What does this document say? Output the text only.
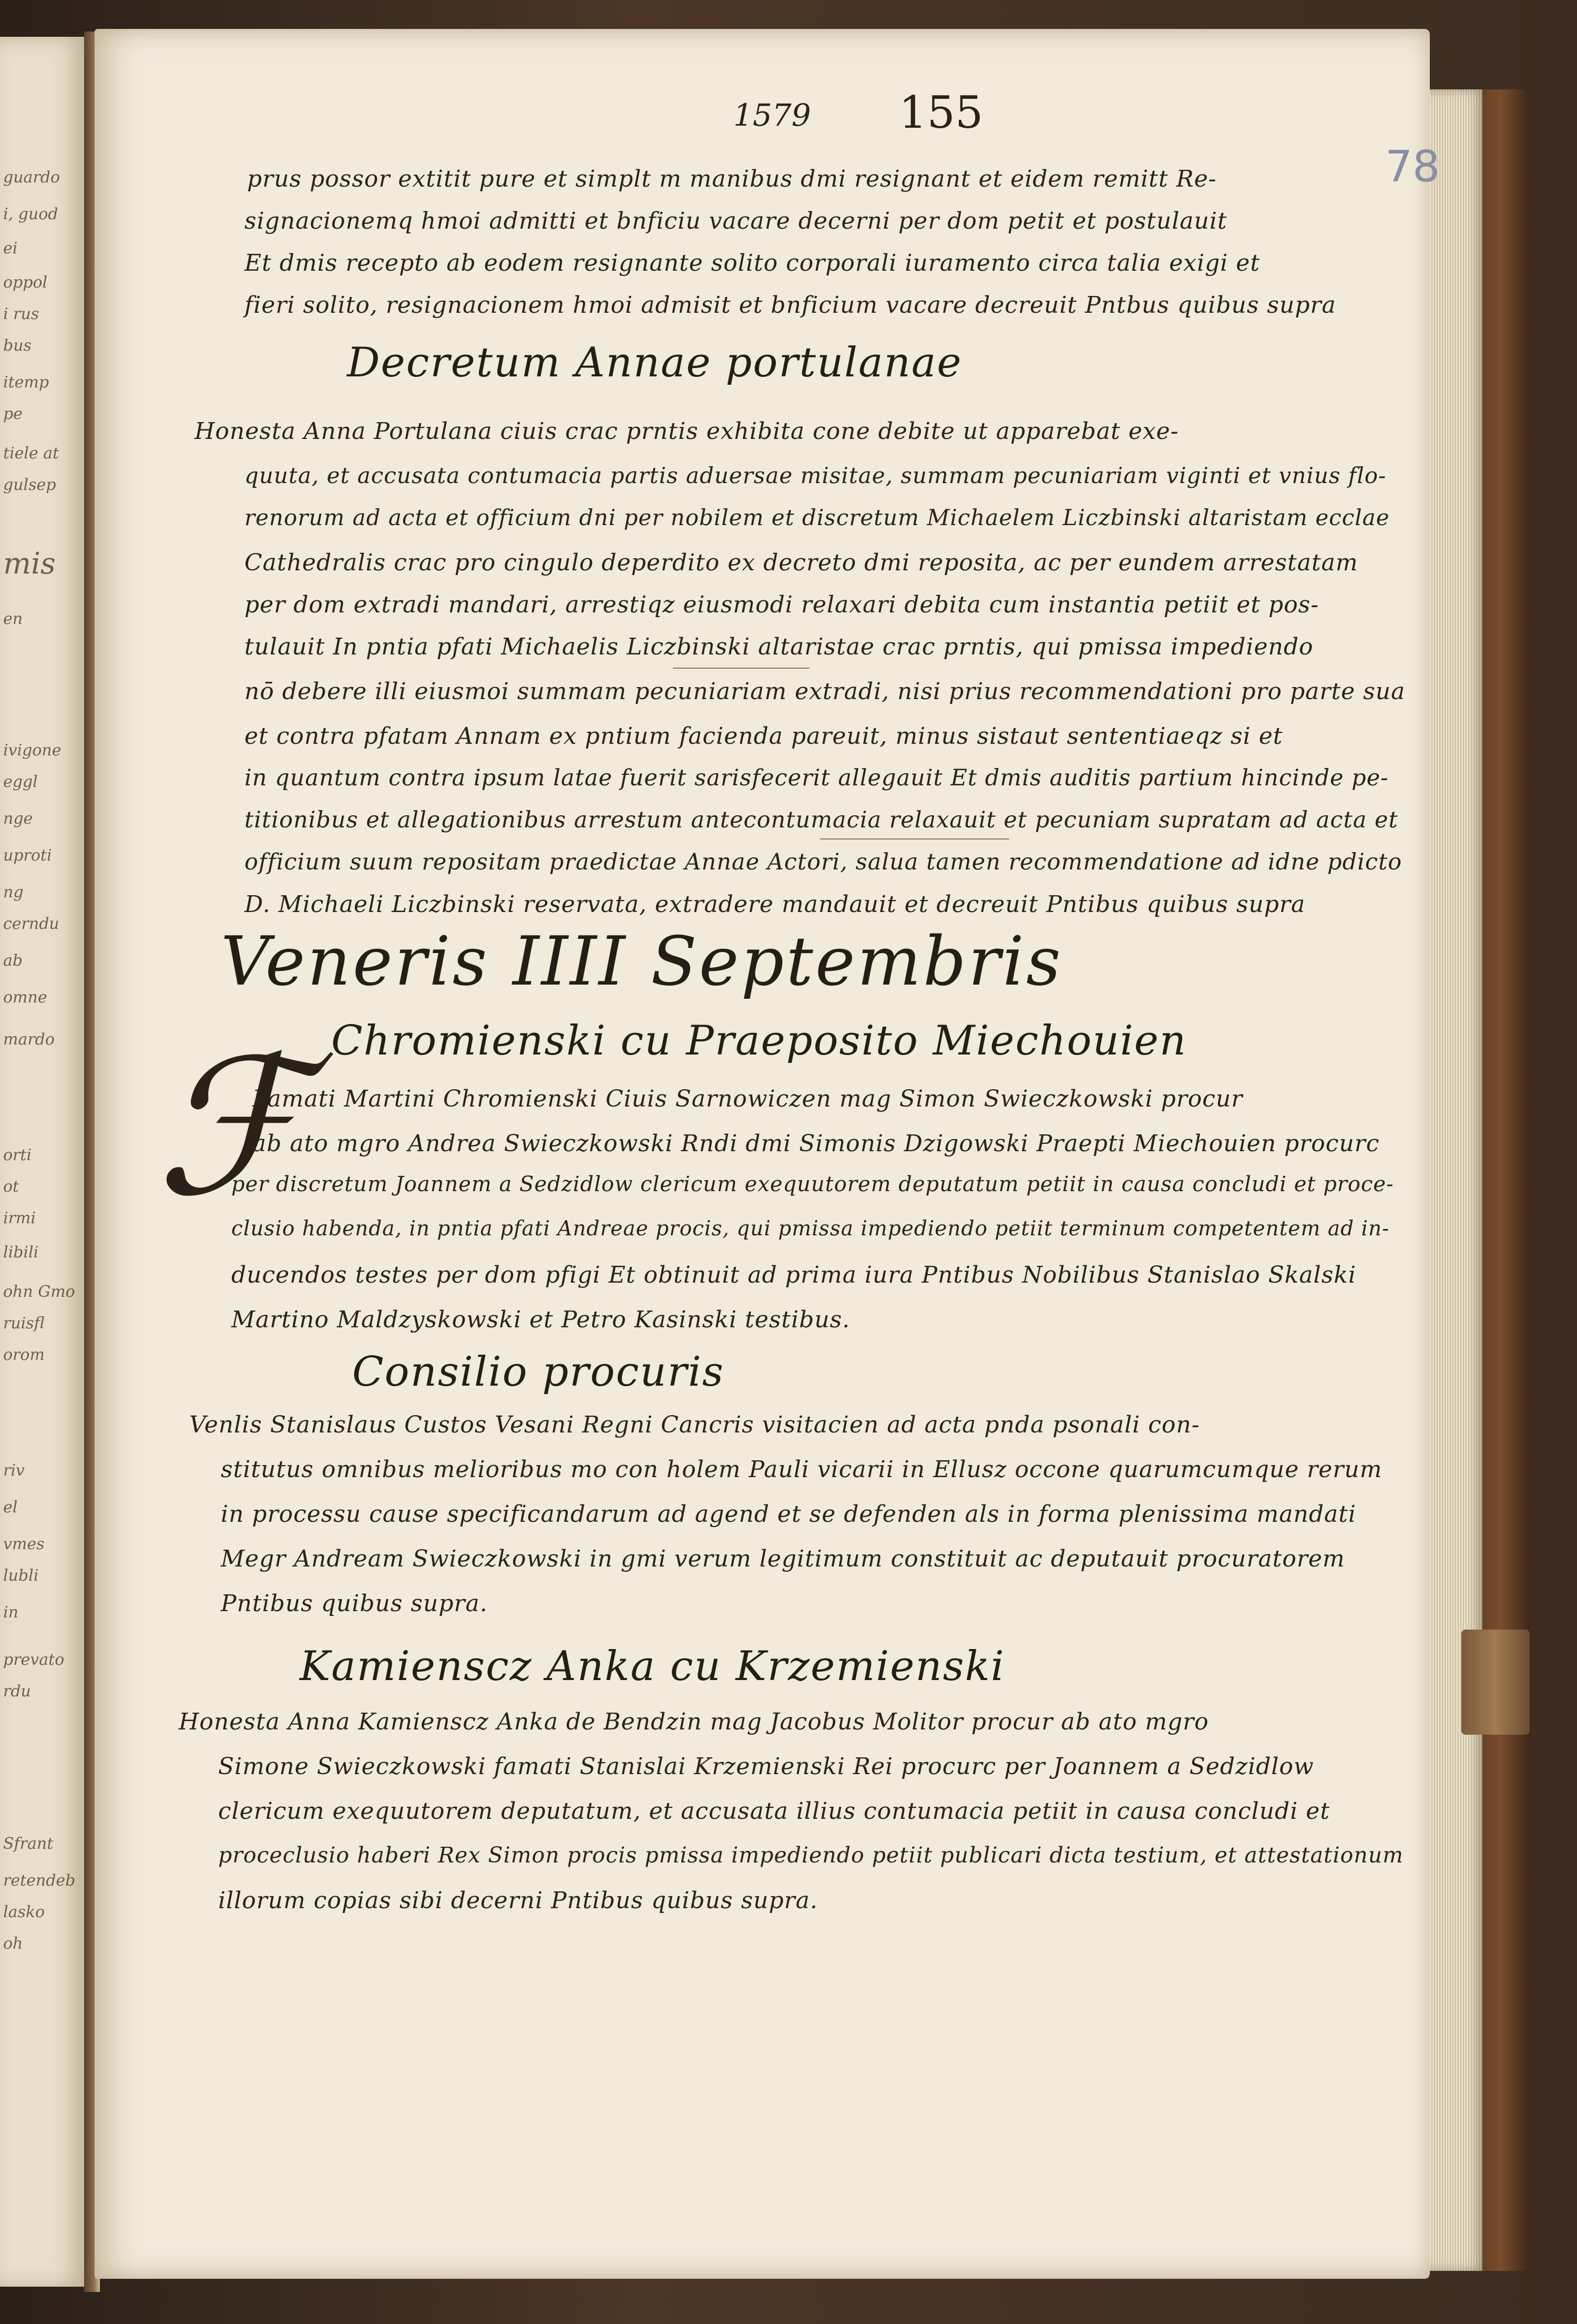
guardo
i, guod
ei
oppol
i rus
bus
itemp
pe
tiele at
gulsep
mis
en
ivigone
eggl
nge
uproti
ng
cerndu
ab
omne
mardo
orti
ot
irmi
libili
ohn Gmo
ruisfl
orom
riv
el
vmes
lubli
in
prevato
rdu
Sfrant
retendeb
lasko
oh
1579 155
78
prus possor extitit pure et simplt m manibus dmi resignant et eidem remitt Re-
signacionemq hmoi admitti et bnficiu vacare decerni per dom petit et postulauit
Et dmis recepto ab eodem resignante solito corporali iuramento circa talia exigi et
fieri solito, resignacionem hmoi admisit et bnficium vacare decreuit Pntbus quibus supra
Decretum Annae portulanae
Honesta Anna Portulana ciuis crac prntis exhibita cone debite ut apparebat exe-
quuta, et accusata contumacia partis aduersae misitae, summam pecuniariam viginti et vnius flo-
renorum ad acta et officium dni per nobilem et discretum Michaelem Liczbinski altaristam ecclae
Cathedralis crac pro cingulo deperdito ex decreto dmi reposita, ac per eundem arrestatam
per dom extradi mandari, arrestiqz eiusmodi relaxari debita cum instantia petiit et pos-
tulauit In pntia pfati Michaelis Liczbinski altaristae crac prntis, qui pmissa impediendo
nō debere illi eiusmoi summam pecuniariam extradi, nisi prius recommendationi pro parte sua
et contra pfatam Annam ex pntium facienda pareuit, minus sistaut sententiaeqz si et
in quantum contra ipsum latae fuerit sarisfecerit allegauit Et dmis auditis partium hincinde pe-
titionibus et allegationibus arrestum antecontumacia relaxauit et pecuniam supratam ad acta et
officium suum repositam praedictae Annae Actori, salua tamen recommendatione ad idne pdicto
D. Michaeli Liczbinski reservata, extradere mandauit et decreuit Pntibus quibus supra
Veneris IIII Septembris
Chromienski cu Praeposito Miechouien
ℱ
Famati Martini Chromienski Ciuis Sarnowiczen mag Simon Swieczkowski procur
ab ato mgro Andrea Swieczkowski Rndi dmi Simonis Dzigowski Praepti Miechouien procurc
per discretum Joannem a Sedzidlow clericum exequutorem deputatum petiit in causa concludi et proce-
clusio habenda, in pntia pfati Andreae procis, qui pmissa impediendo petiit terminum competentem ad in-
ducendos testes per dom pfigi Et obtinuit ad prima iura Pntibus Nobilibus Stanislao Skalski
Martino Maldzyskowski et Petro Kasinski testibus.
Consilio procuris
Venlis Stanislaus Custos Vesani Regni Cancris visitacien ad acta pnda psonali con-
stitutus omnibus melioribus mo con holem Pauli vicarii in Ellusz occone quarumcumque rerum
in processu cause specificandarum ad agend et se defenden als in forma plenissima mandati
Megr Andream Swieczkowski in gmi verum legitimum constituit ac deputauit procuratorem
Pntibus quibus supra.
Kamienscz Anka cu Krzemienski
Honesta Anna Kamienscz Anka de Bendzin mag Jacobus Molitor procur ab ato mgro
Simone Swieczkowski famati Stanislai Krzemienski Rei procurc per Joannem a Sedzidlow
clericum exequutorem deputatum, et accusata illius contumacia petiit in causa concludi et
proceclusio haberi Rex Simon procis pmissa impediendo petiit publicari dicta testium, et attestationum
illorum copias sibi decerni Pntibus quibus supra.
